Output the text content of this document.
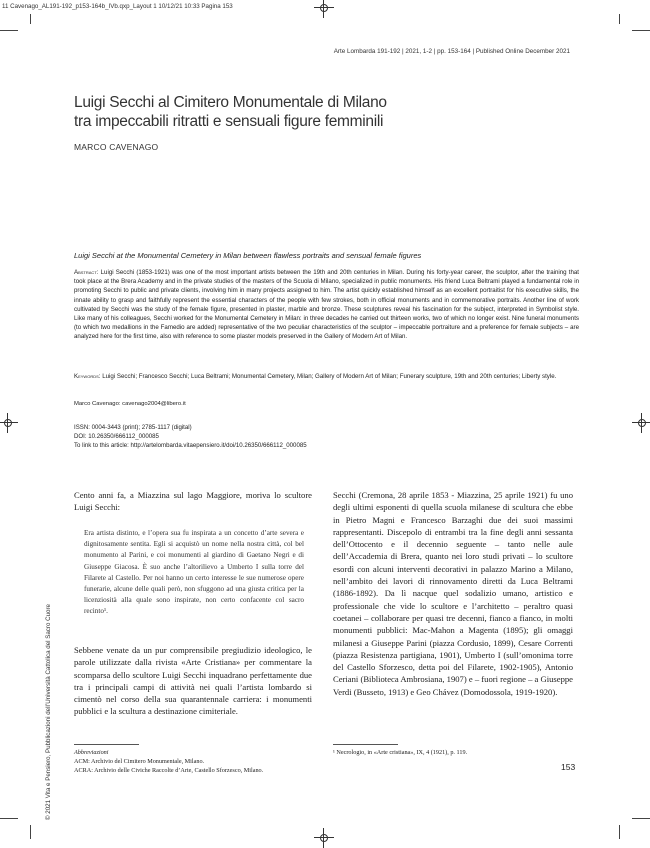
11 Cavenago_AL191-192_p153-164b_IVb.qxp_Layout 1 10/12/21 10:33 Pagina 153
Arte Lombarda 191-192 | 2021, 1-2 | pp. 153-164 | Published Online December 2021
Luigi Secchi al Cimitero Monumentale di Milano
tra impeccabili ritratti e sensuali figure femminili
MARCO CAVENAGO
Luigi Secchi at the Monumental Cemetery in Milan between flawless portraits and sensual female figures
Abstract: Luigi Secchi (1853-1921) was one of the most important artists between the 19th and 20th centuries in Milan. During his forty-year career, the sculptor, after the training that took place at the Brera Academy and in the private studies of the masters of the Scuola di Milano, specialized in public monuments. His friend Luca Beltrami played a fundamental role in promoting Secchi to public and private clients, involving him in many projects assigned to him. The artist quickly established himself as an excellent portraitist for his executive skills, the innate ability to grasp and faithfully represent the essential characters of the people with few strokes, both in official monuments and in commemorative portraits. Another line of work cultivated by Secchi was the study of the female figure, presented in plaster, marble and bronze. These sculptures reveal his fascination for the subject, interpreted in Symbolist style. Like many of his colleagues, Secchi worked for the Monumental Cemetery in Milan: in three decades he carried out thirteen works, two of which no longer exist. Nine funeral monuments (to which two medallions in the Famedio are added) representative of the two peculiar characteristics of the sculptor – impeccable portraiture and a preference for female subjects – are analyzed here for the first time, also with reference to some plaster models preserved in the Gallery of Modern Art of Milan.
Keywords: Luigi Secchi; Francesco Secchi; Luca Beltrami; Monumental Cemetery, Milan; Gallery of Modern Art of Milan; Funerary sculpture, 19th and 20th centuries; Liberty style.
Marco Cavenago: cavenago2004@libero.it
ISSN: 0004-3443 (print); 2785-1117 (digital)
DOI: 10.26350/666112_000085
To link to this article: http://artelombarda.vitaepensiero.it/doi/10.26350/666112_000085
Cento anni fa, a Miazzina sul lago Maggiore, moriva lo scultore Luigi Secchi:
Era artista distinto, e l’opera sua fu inspirata a un concetto d’arte severa e dignitosamente sentita. Egli si acquistò un nome nella nostra città, col bel monumento al Parini, e coi monumenti al giardino di Gaetano Negri e di Giuseppe Giacosa. È suo anche l’altorilievo a Umberto I sulla torre del Filarete al Castello. Per noi hanno un certo interesse le sue numerose opere funerarie, alcune delle quali però, non sfuggono ad una giusta critica per la licenziosità alla quale sono inspirate, non certo confacente col sacro recinto¹.
Sebbene venate da un pur comprensibile pregiudizio ideologico, le parole utilizzate dalla rivista «Arte Cristiana» per commentare la scomparsa dello scultore Luigi Secchi inquadrano perfettamente due tra i principali campi di attività nei quali l’artista lombardo si cimentò nel corso della sua quarantennale carriera: i monumenti pubblici e la scultura a destinazione cimiteriale.
Secchi (Cremona, 28 aprile 1853 - Miazzina, 25 aprile 1921) fu uno degli ultimi esponenti di quella scuola milanese di scultura che ebbe in Pietro Magni e Francesco Barzaghi due dei suoi massimi rappresentanti. Discepolo di entrambi tra la fine degli anni sessanta dell’Ottocento e il decennio seguente – tanto nelle aule dell’Accademia di Brera, quanto nei loro studi privati – lo scultore esordì con alcuni interventi decorativi in palazzo Marino a Milano, nell’ambito dei lavori di rinnovamento diretti da Luca Beltrami (1886-1892). Da lì nacque quel sodalizio umano, artistico e professionale che vide lo scultore e l’architetto – peraltro quasi coetanei – collaborare per quasi tre decenni, fianco a fianco, in molti monumenti pubblici: Mac-Mahon a Magenta (1895); gli omaggi milanesi a Giuseppe Parini (piazza Cordusio, 1899), Cesare Correnti (piazza Resistenza partigiana, 1901), Umberto I (sull’omonima torre del Castello Sforzesco, detta poi del Filarete, 1902-1905), Antonio Ceriani (Biblioteca Ambrosiana, 1907) e – fuori regione – a Giuseppe Verdi (Busseto, 1913) e Geo Chávez (Domodossola, 1919-1920).
Abbreviazioni
ACM: Archivio del Cimitero Monumentale, Milano.
ACRA: Archivio delle Civiche Raccolte d’Arte, Castello Sforzesco, Milano.
¹ Necrologio, in «Arte cristiana», IX, 4 (1921), p. 119.
153
© 2021 Vita e Pensiero, Pubblicazioni dell’Università Cattolica del Sacro Cuore
